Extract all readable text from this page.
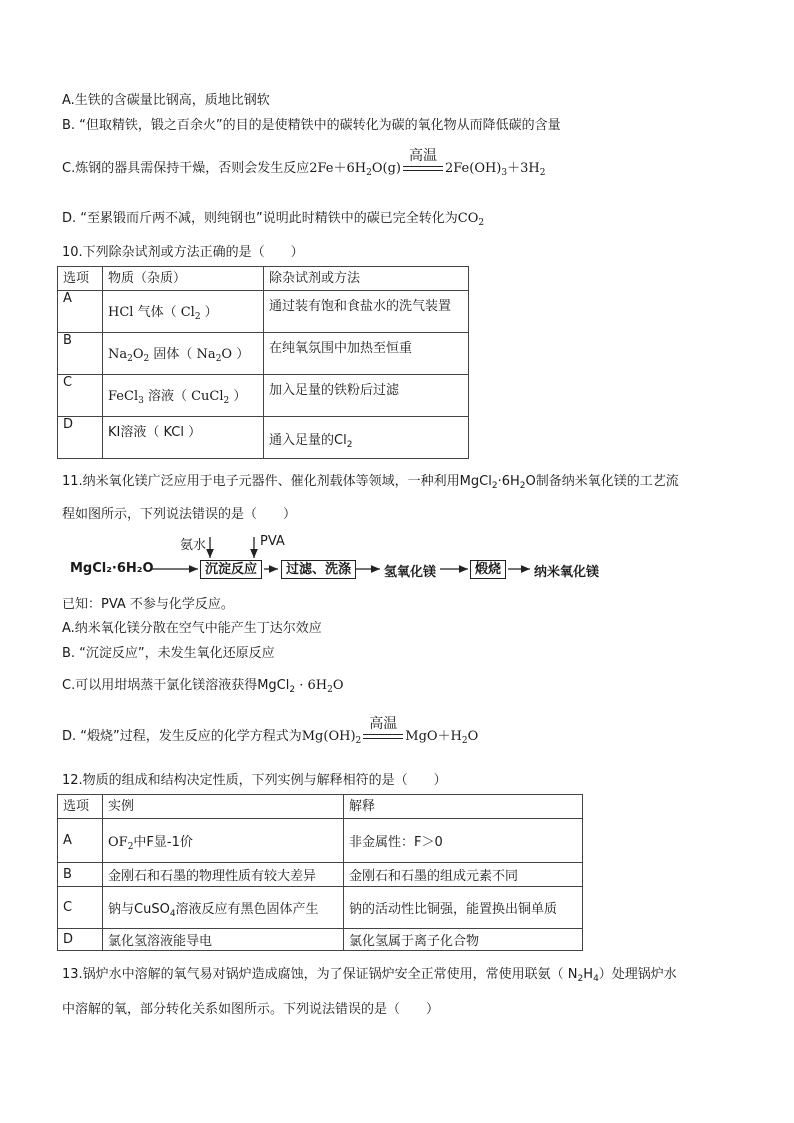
A.生铁的含碳量比钢高，质地比钢软
B. “但取精铁，锻之百余火”的目的是使精铁中的碳转化为碳的氧化物从而降低碳的含量
C.炼钢的器具需保持干燥，否则会发生反应$2Fe+6H_2O(g)$
高温
$2Fe(OH)_3+3H_2$
D. “至累锻而斤两不减，则纯钢也”说明此时精铁中的碳已完全转化为$CO_2$
10.下列除杂试剂或方法正确的是（　　）
选项	物质（杂质）	除杂试剂或方法
A	HCl 气体（ $Cl_2$ ）	通过装有饱和食盐水的洗气装置
B	$Na_2O_2$ 固体（ $Na_2O$ ）	在纯氧氛围中加热至恒重
C	FeCl$_3$ 溶液（ CuCl$_2$ ）	加入足量的铁粉后过滤
D	KI溶液（ KCl ）	通入足量的$Cl_2$
11.纳米氧化镁广泛应用于电子元器件、催化剂载体等领域，一种利用$MgCl_2\cdot 6H_2O$制备纳米氧化镁的工艺流
程如图所示，下列说法错误的是（　　）
MgCl₂·6H₂O
氨水	PVA
沉淀反应	过滤、洗涤	氢氧化镁	煅烧	纳米氧化镁
已知：PVA 不参与化学反应。
A.纳米氧化镁分散在空气中能产生丁达尔效应
B. “沉淀反应”，未发生氧化还原反应
C.可以用坩埚蒸干氯化镁溶液获得MgCl$_2$ · $6H_2O$
D. “煅烧”过程，发生反应的化学方程式为$Mg(OH)_2$
高温
$MgO+H_2O$
12.物质的组成和结构决定性质，下列实例与解释相符的是（　　）
选项	实例	解释
A	$OF_2$中F显-1价	非金属性：F＞0
B	金刚石和石墨的物理性质有较大差异	金刚石和石墨的组成元素不同
C	钠与CuSO$_4$溶液反应有黑色固体产生	钠的活动性比铜强，能置换出铜单质
D	氯化氢溶液能导电	氯化氢属于离子化合物
13.锅炉水中溶解的氧气易对锅炉造成腐蚀，为了保证锅炉安全正常使用，常使用联氨（ $N_2H_4$）处理锅炉水
中溶解的氧，部分转化关系如图所示。下列说法错误的是（　　）
